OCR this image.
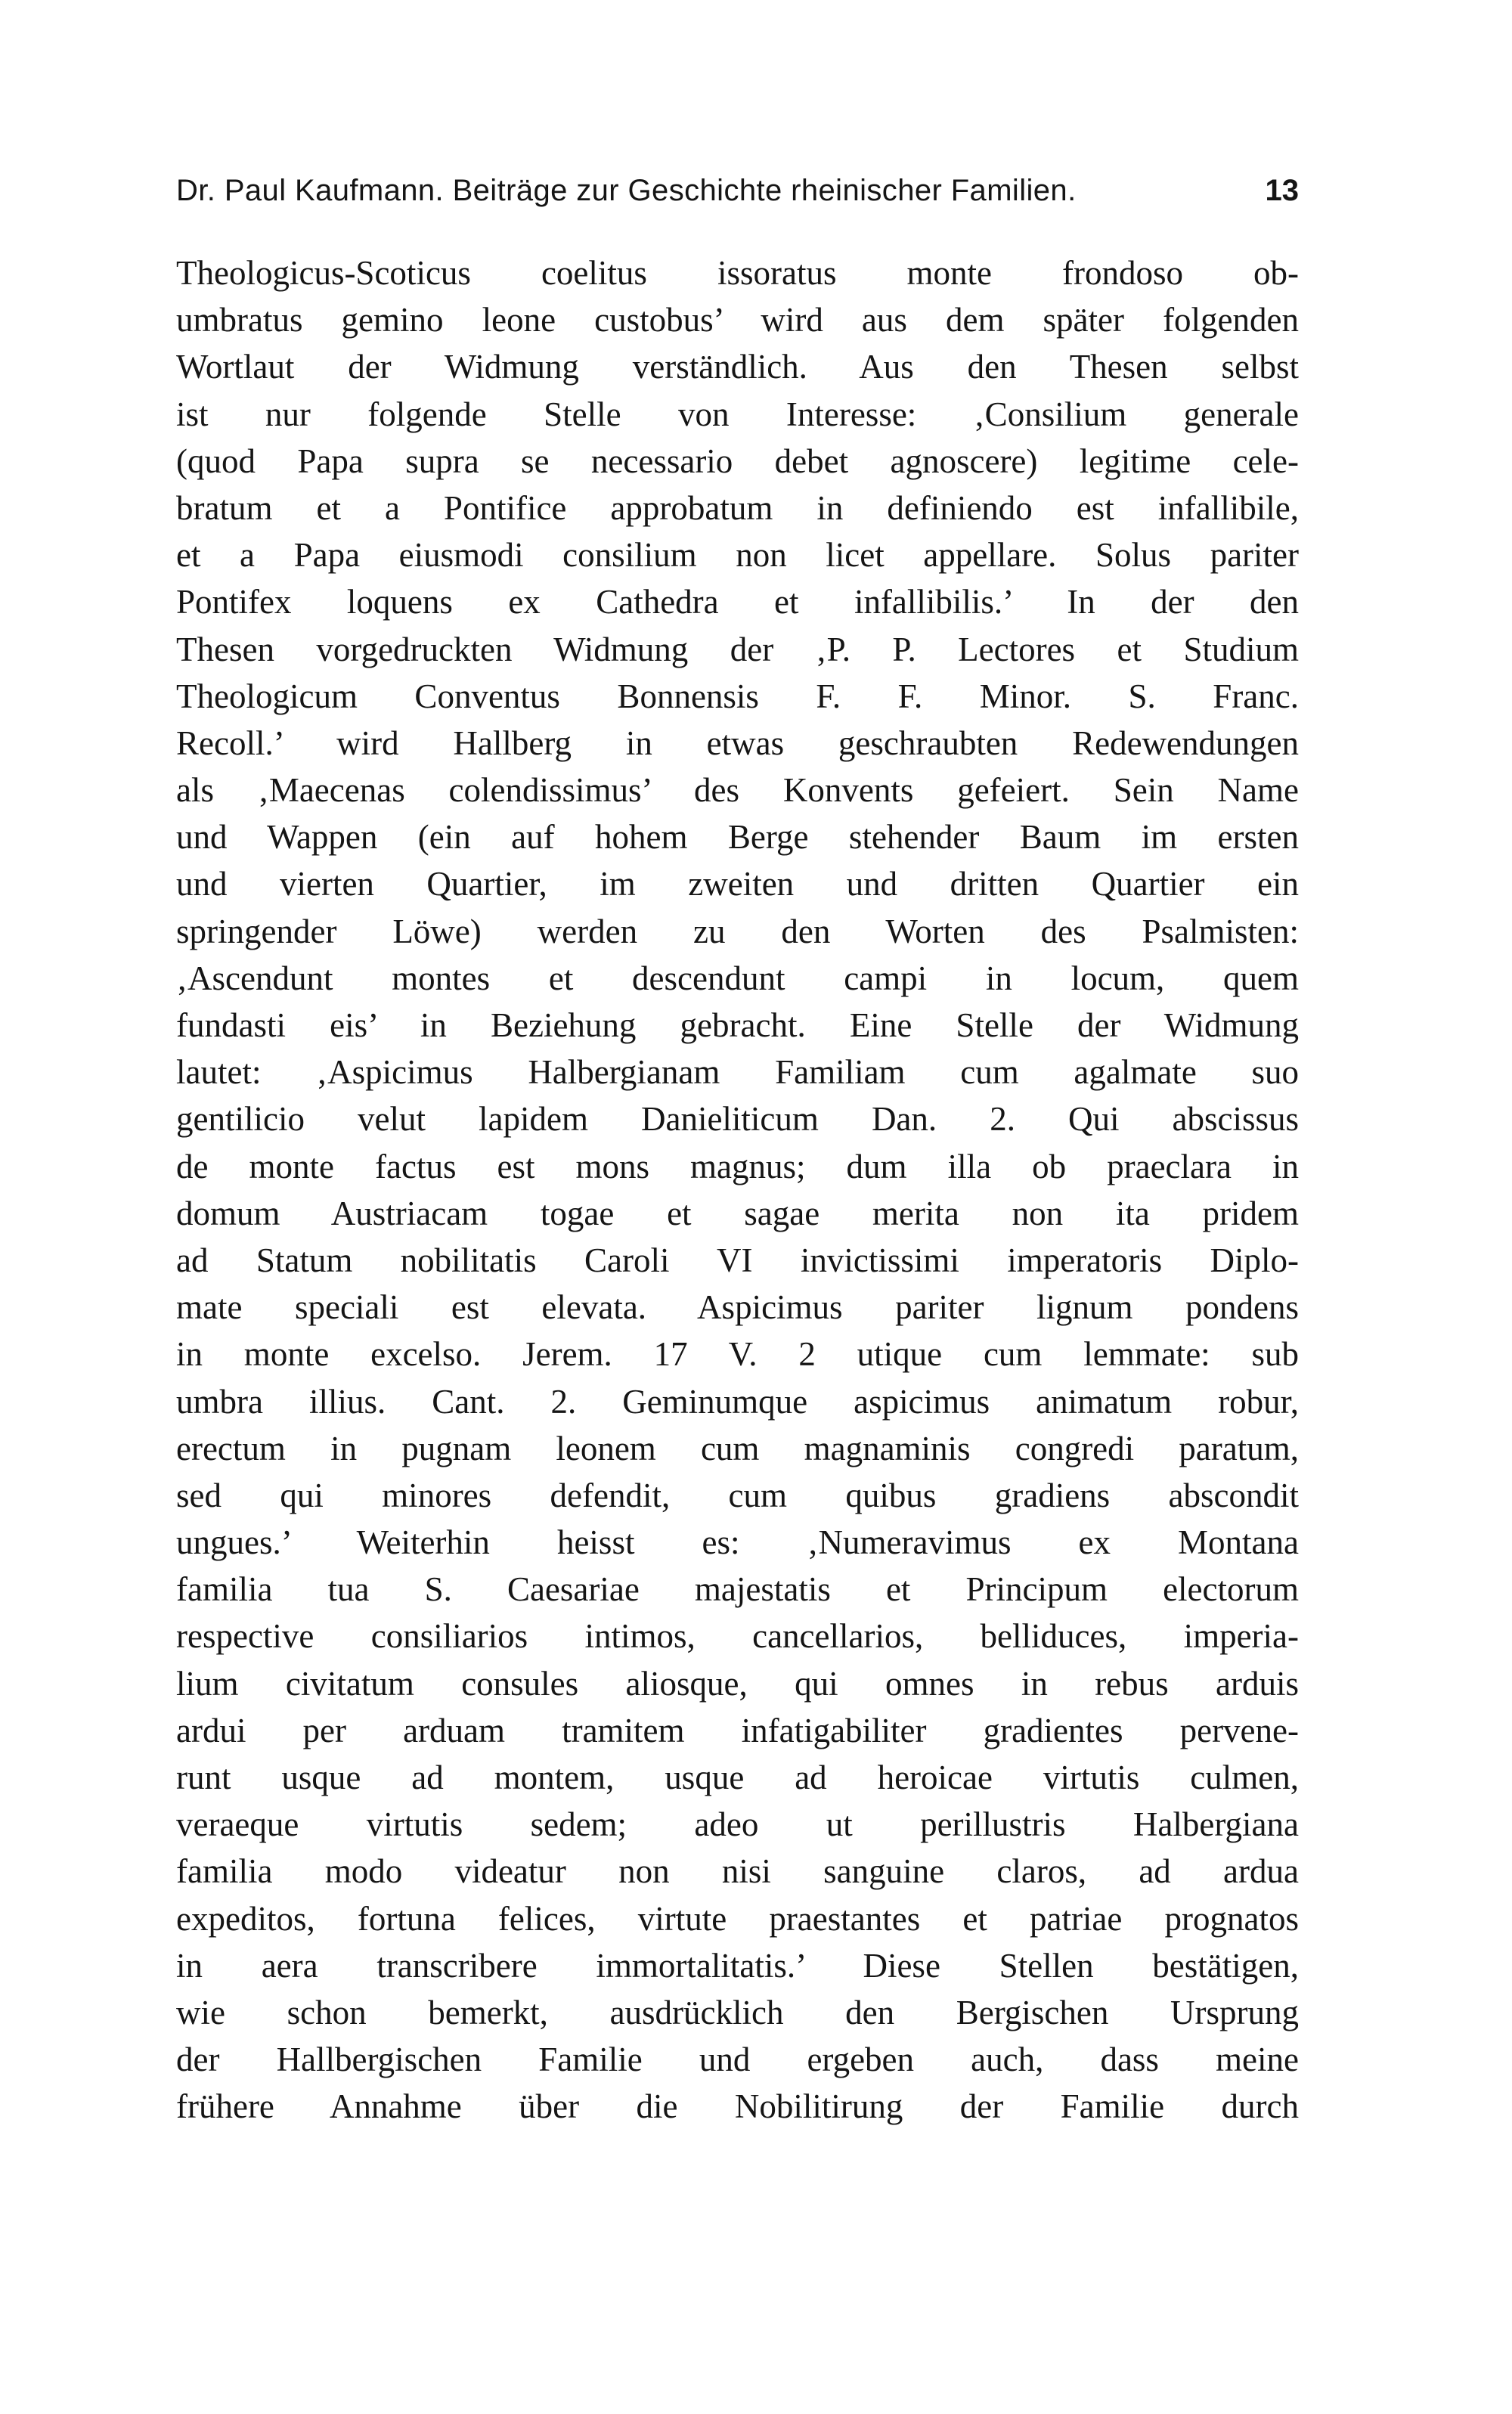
Dr. Paul Kaufmann. Beiträge zur Geschichte rheinischer Familien.	13
Theologicus-Scoticus coelitus issoratus monte frondoso ob-
umbratus gemino leone custobus’ wird aus dem später folgenden
Wortlaut der Widmung verständlich. Aus den Thesen selbst
ist nur folgende Stelle von Interesse: ‚Consilium generale
(quod Papa supra se necessario debet agnoscere) legitime cele-
bratum et a Pontifice approbatum in definiendo est infallibile,
et a Papa eiusmodi consilium non licet appellare. Solus pariter
Pontifex loquens ex Cathedra et infallibilis.’ In der den
Thesen vorgedruckten Widmung der ‚P. P. Lectores et Studium
Theologicum Conventus Bonnensis F. F. Minor. S. Franc.
Recoll.’ wird Hallberg in etwas geschraubten Redewendungen
als ‚Maecenas colendissimus’ des Konvents gefeiert. Sein Name
und Wappen (ein auf hohem Berge stehender Baum im ersten
und vierten Quartier, im zweiten und dritten Quartier ein
springender Löwe) werden zu den Worten des Psalmisten:
‚Ascendunt montes et descendunt campi in locum, quem
fundasti eis’ in Beziehung gebracht. Eine Stelle der Widmung
lautet: ‚Aspicimus Halbergianam Familiam cum agalmate suo
gentilicio velut lapidem Danieliticum Dan. 2. Qui abscissus
de monte factus est mons magnus; dum illa ob praeclara in
domum Austriacam togae et sagae merita non ita pridem
ad Statum nobilitatis Caroli VI invictissimi imperatoris Diplo-
mate speciali est elevata. Aspicimus pariter lignum pondens
in monte excelso. Jerem. 17 V. 2 utique cum lemmate: sub
umbra illius. Cant. 2. Geminumque aspicimus animatum robur,
erectum in pugnam leonem cum magnaminis congredi paratum,
sed qui minores defendit, cum quibus gradiens abscondit
ungues.’ Weiterhin heisst es: ‚Numeravimus ex Montana
familia tua S. Caesariae majestatis et Principum electorum
respective consiliarios intimos, cancellarios, belliduces, imperia-
lium civitatum consules aliosque, qui omnes in rebus arduis
ardui per arduam tramitem infatigabiliter gradientes pervene-
runt usque ad montem, usque ad heroicae virtutis culmen,
veraeque virtutis sedem; adeo ut perillustris Halbergiana
familia modo videatur non nisi sanguine claros, ad ardua
expeditos, fortuna felices, virtute praestantes et patriae prognatos
in aera transcribere immortalitatis.’ Diese Stellen bestätigen,
wie schon bemerkt, ausdrücklich den Bergischen Ursprung
der Hallbergischen Familie und ergeben auch, dass meine
frühere Annahme über die Nobilitirung der Familie durch
